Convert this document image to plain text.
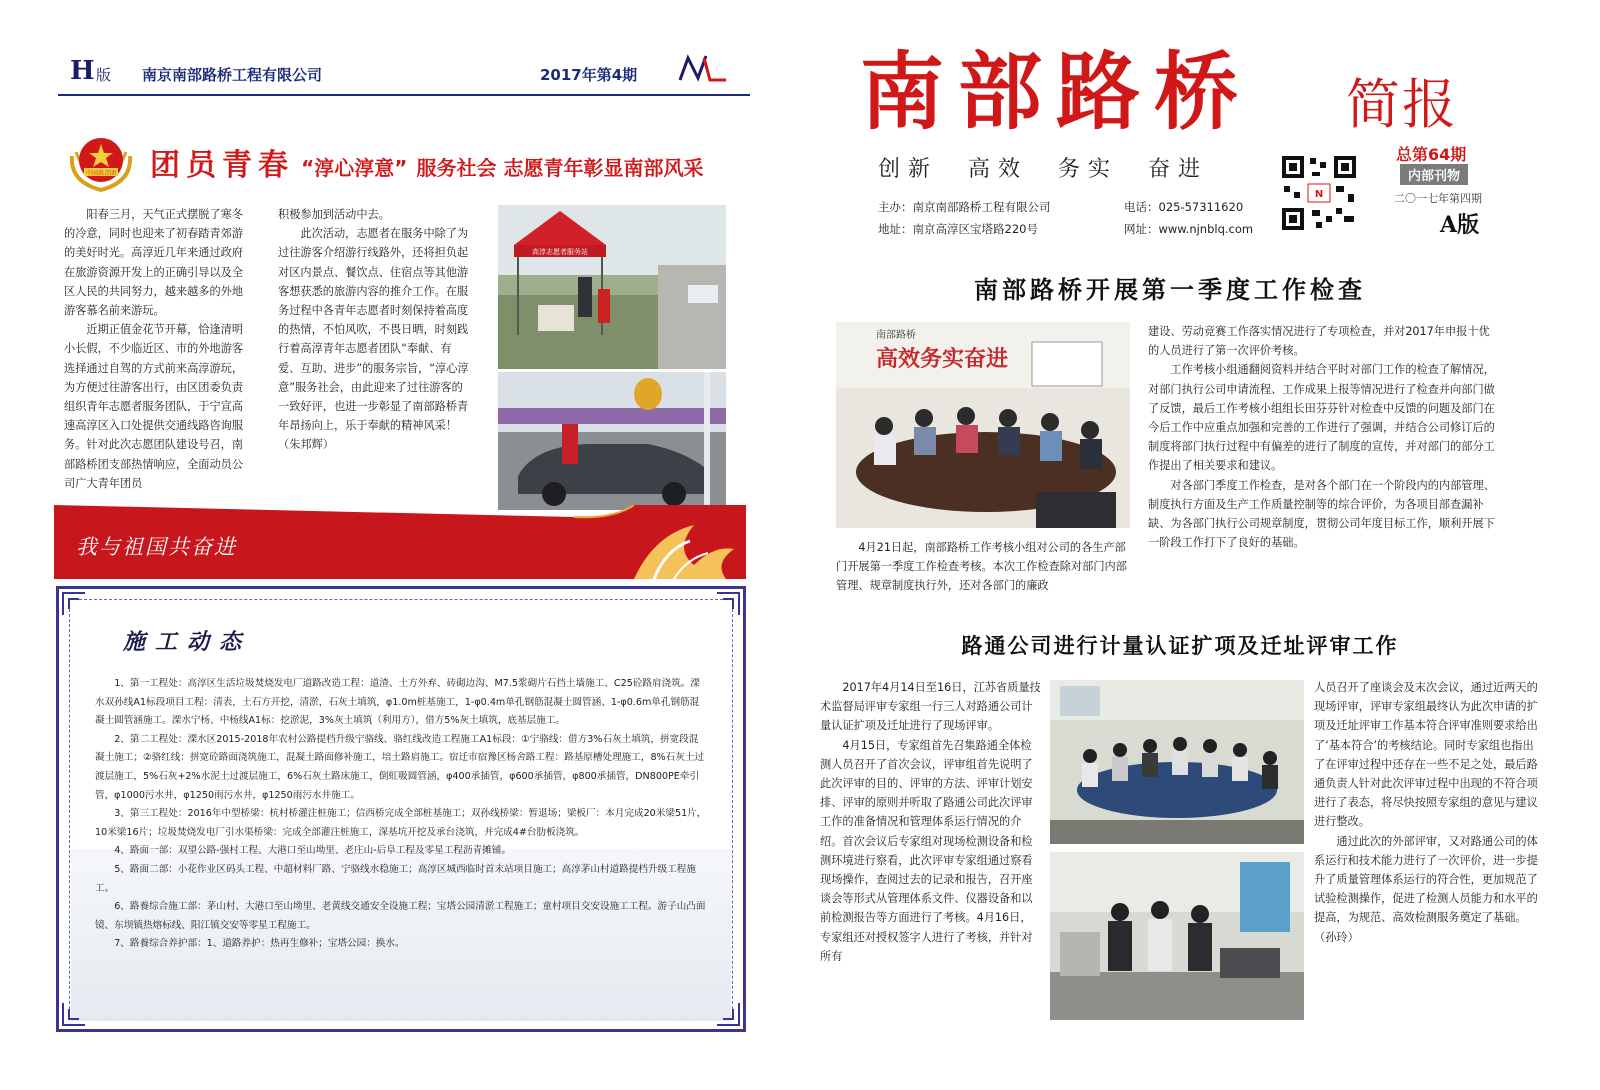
H 版 南京南部路桥工程有限公司	2017年第4期
NL
中国共青团 团员青春 “淳心淳意” 服务社会 志愿青年彰显南部风采

阳春三月，天气正式摆脱了寒冬的冷意，同时也迎来了初春踏青郊游的美好时光。高淳近几年来通过政府在旅游资源开发上的正确引导以及全区人民的共同努力，越来越多的外地游客慕名前来游玩。

近期正值金花节开幕，恰逢清明小长假，不少临近区、市的外地游客选择通过自驾的方式前来高淳游玩，为方便过往游客出行，由区团委负责组织青年志愿者服务团队，于宁宣高速高淳区入口处提供交通线路咨询服务。针对此次志愿团队建设号召，南部路桥团支部热情响应，全面动员公司广大青年团员

积极参加到活动中去。

此次活动，志愿者在服务中除了为过往游客介绍游行线路外，还将担负起对区内景点、餐饮点、住宿点等其他游客想获悉的旅游内容的推介工作。在服务过程中各青年志愿者时刻保持着高度的热情，不怕风吹，不畏日晒，时刻践行着高淳青年志愿者团队“奉献、有爱、互助、进步”的服务宗旨，“淳心淳意”服务社会，由此迎来了过往游客的一致好评，也进一步彰显了南部路桥青年昂扬向上，乐于奉献的精神风采！（朱邦辉）

高淳志愿者服务站
我与祖国共奋进
施工动态

1、第一工程处：高淳区生活垃圾焚烧发电厂道路改造工程：道渣、土方外弃、砖砌边沟、M7.5浆砌片石挡土墙施工、C25砼路肩浇筑。溧水双孙线A1标段项目工程：清表，土石方开挖，清淤，石灰土填筑，φ1.0m桩基施工，1-φ0.4m单孔钢筋混凝土圆管涵、1-φ0.6m单孔钢筋混凝土圆管涵施工。溧水宁杨、中杨线A1标：挖淤泥，3%灰土填筑（利用方），借方5%灰土填筑，底基层施工。

2、第二工程处：溧水区2015-2018年农村公路提档升级宁骆线、骆红线改造工程施工A1标段：①宁骆线：借方3%石灰土填筑，拼宽段混凝土施工；②骆红线：拼宽砼路面浇筑施工，混凝土路面修补施工，培土路肩施工。宿迁市宿豫区杨舍路工程：路基原槽处理施工，8%石灰土过渡层施工，5%石灰+2%水泥土过渡层施工，6%石灰土路床施工，倒虹吸圆管涵，φ400承插管，φ600承插管，φ800承插管，DN800PE牵引管，φ1000污水井，φ1250雨污水井，φ1250雨污水井施工。

3、第三工程处：2016年中型桥梁：杭村桥灌注桩施工；信西桥完成全部桩基施工；双孙线桥梁：暂退场；梁板厂：本月完成20米梁51片，10米梁16片；垃圾焚烧发电厂引水渠桥梁：完成全部灌注桩施工，深基坑开挖及承台浇筑，并完成4#台肋板浇筑。

4、路面一部：双望公路-强村工程、大港口至山坳里、老庄山-后阜工程及零星工程沥青摊铺。

5、路面二部：小花作业区码头工程、中超材料厂路、宁骆线水稳施工；高淳区城西临时首末站项目施工；高淳茅山村道路提档升级工程施工。

6、路養综合施工部：茅山村、大港口至山坳里、老黄线交通安全设施工程；宝塔公园清淤工程施工；童村项目交安设施工工程。游子山凸面镜、东坝镇热熔标线、阳江镇交安等零星工程施工。

7、路養综合养护部：1、道路养护：热再生修补；宝塔公园：换水。

南部路桥 简报
创新  高效  务实  奋进
N
总第64期
内部刊物
二〇一七年第四期
A版
主办：南京南部路桥工程有限公司	电话：025-57311620
地址：南京高淳区宝塔路220号	网址：www.njnblq.com
南部路桥开展第一季度工作检查
高效务实奋进
南部路桥

4月21日起，南部路桥工作考核小组对公司的各生产部门开展第一季度工作检查考核。本次工作检查除对部门内部管理、规章制度执行外，还对各部门的廉政

建设、劳动竞赛工作落实情况进行了专项检查，并对2017年申报十优的人员进行了第一次评价考核。

工作考核小组通翻阅资料并结合平时对部门工作的检查了解情况，对部门执行公司申请流程、工作成果上报等情况进行了检查并向部门做了反馈，最后工作考核小组组长田芬芬针对检查中反馈的问题及部门在今后工作中应重点加强和完善的工作进行了强调，并结合公司修订后的制度将部门执行过程中有偏差的进行了制度的宣传，并对部门的部分工作提出了相关要求和建议。

对各部门季度工作检查，是对各个部门在一个阶段内的内部管理、制度执行方面及生产工作质量控制等的综合评价，为各项目部查漏补缺、为各部门执行公司规章制度，贯彻公司年度目标工作，顺利开展下一阶段工作打下了良好的基础。

路通公司进行计量认证扩项及迁址评审工作

2017年4月14日至16日，江苏省质量技术监督局评审专家组一行三人对路通公司计量认证扩项及迁址进行了现场评审。

4月15日，专家组首先召集路通全体检测人员召开了首次会议，评审组首先说明了此次评审的目的、评审的方法、评审计划安排、评审的原则并听取了路通公司此次评审工作的准备情况和管理体系运行情况的介绍。首次会议后专家组对现场检测设备和检测环境进行察看，此次评审专家组通过察看现场操作，查阅过去的记录和报告，召开座谈会等形式从管理体系文件、仪器设备和以前检测报告等方面进行了考核。4月16日，专家组还对授权签字人进行了考核，并针对所有

人员召开了座谈会及末次会议，通过近两天的现场评审，评审专家组最终认为此次申请的扩项及迁址评审工作基本符合评审准则要求给出了‘基本符合’的考核结论。同时专家组也指出了在评审过程中还存在一些不足之处，最后路通负责人针对此次评审过程中出现的不符合项进行了表态，将尽快按照专家组的意见与建议进行整改。

通过此次的外部评审，又对路通公司的体系运行和技术能力进行了一次评价，进一步提升了质量管理体系运行的符合性，更加规范了试验检测操作，促进了检测人员能力和水平的提高，为规范、高效检测服务奠定了基础。（孙玲）
